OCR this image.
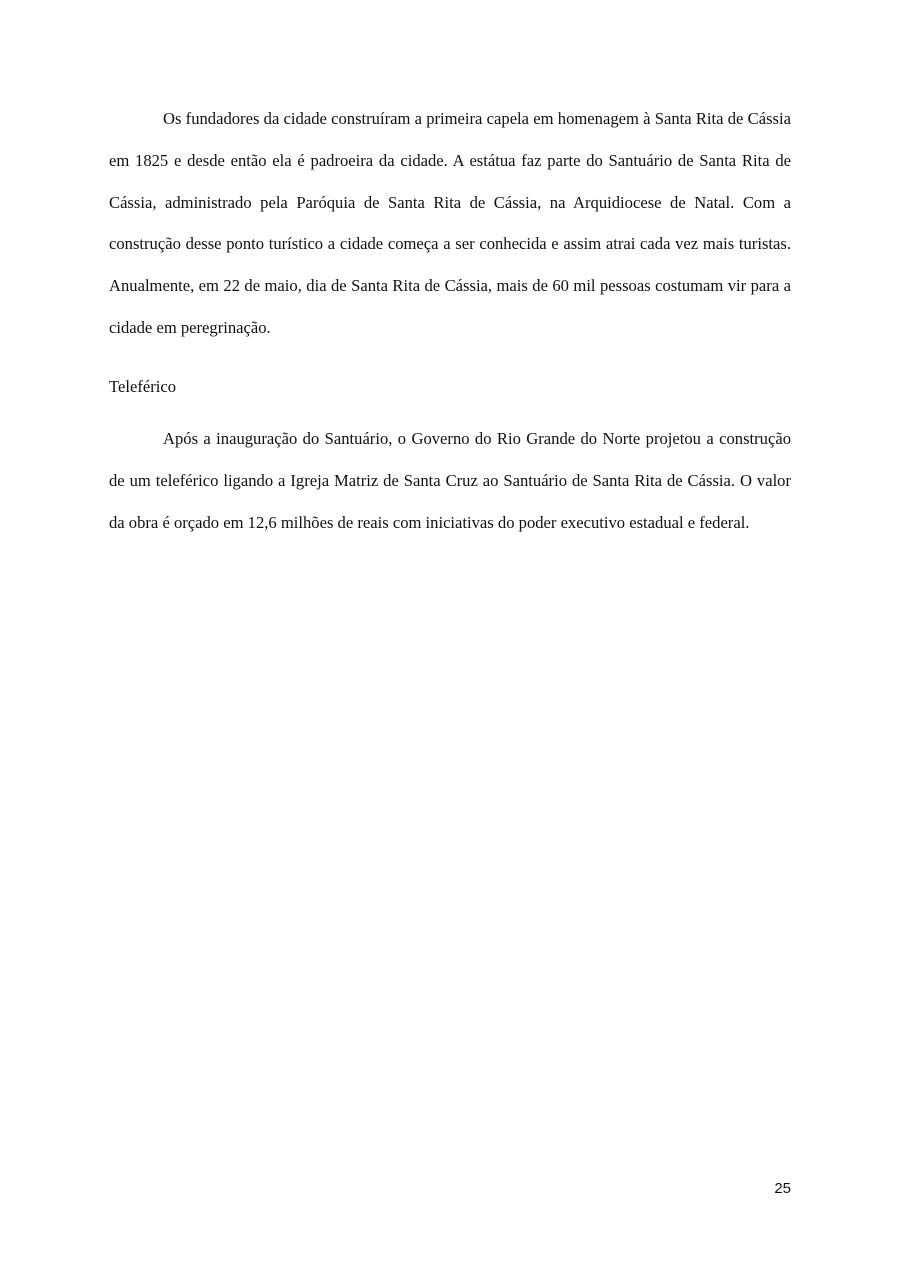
Os fundadores da cidade construíram a primeira capela em homenagem à Santa Rita de Cássia em 1825 e desde então ela é padroeira da cidade. A estátua faz parte do Santuário de Santa Rita de Cássia, administrado pela Paróquia de Santa Rita de Cássia, na Arquidiocese de Natal. Com a construção desse ponto turístico a cidade começa a ser conhecida e assim atrai cada vez mais turistas. Anualmente, em 22 de maio, dia de Santa Rita de Cássia, mais de 60 mil pessoas costumam vir para a cidade em peregrinação.

Teleférico

Após a inauguração do Santuário, o Governo do Rio Grande do Norte projetou a construção de um teleférico ligando a Igreja Matriz de Santa Cruz ao Santuário de Santa Rita de Cássia. O valor da obra é orçado em 12,6 milhões de reais com iniciativas do poder executivo estadual e federal.

25
